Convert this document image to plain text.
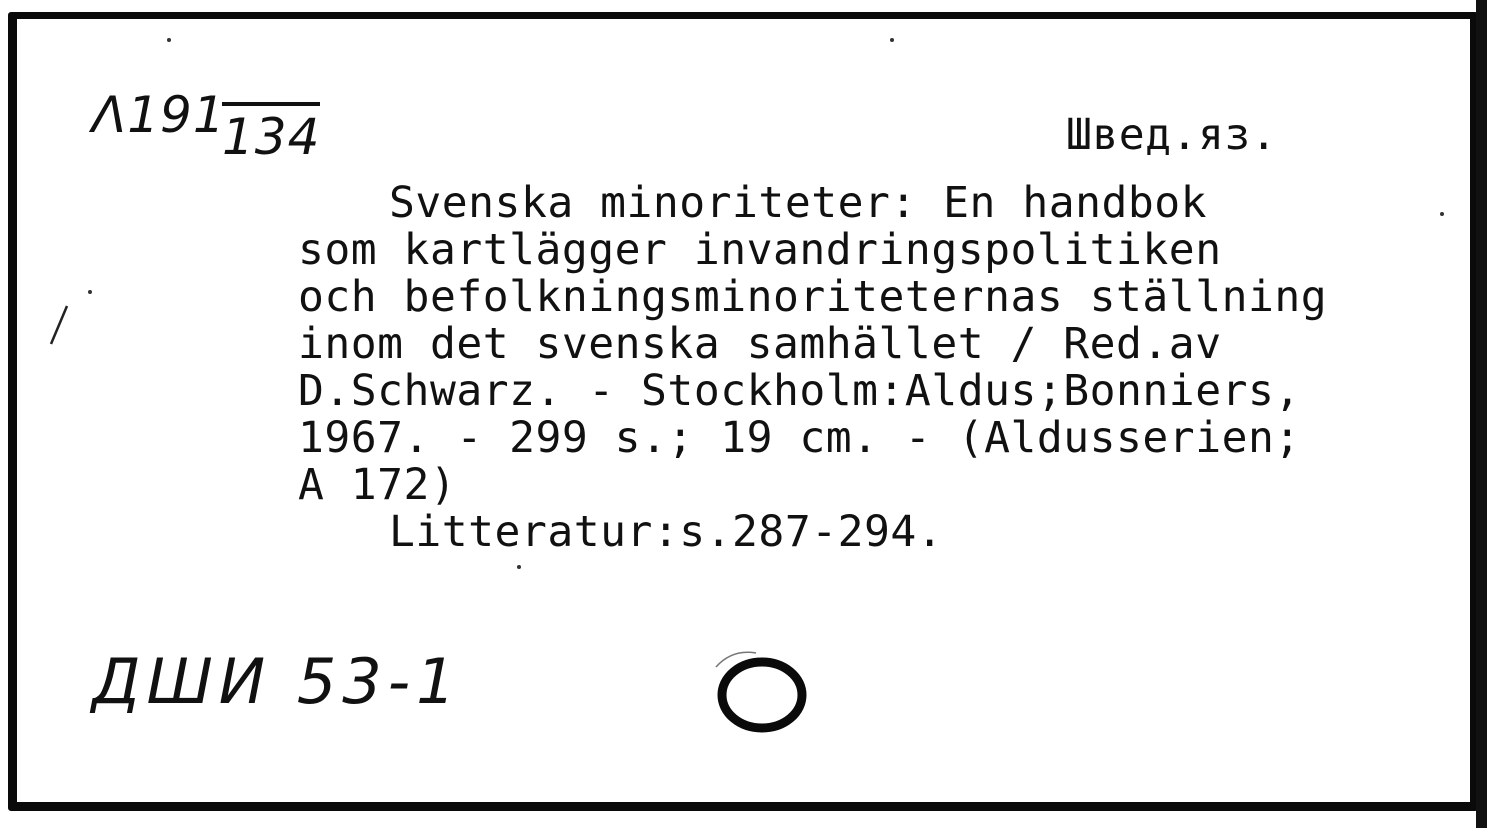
Λ191
134	Швед.яз.
Svenska minoriteter: En handbok
som kartlägger invandringspolitiken
och befolkningsminoriteternas ställning
inom det svenska samhället / Red.av
D.Schwarz. - Stockholm:Aldus;Bonniers,
1967. - 299 s.; 19 cm. - (Aldusserien;
A 172)
Litteratur:s.287-294.
ДШИ 53-1
